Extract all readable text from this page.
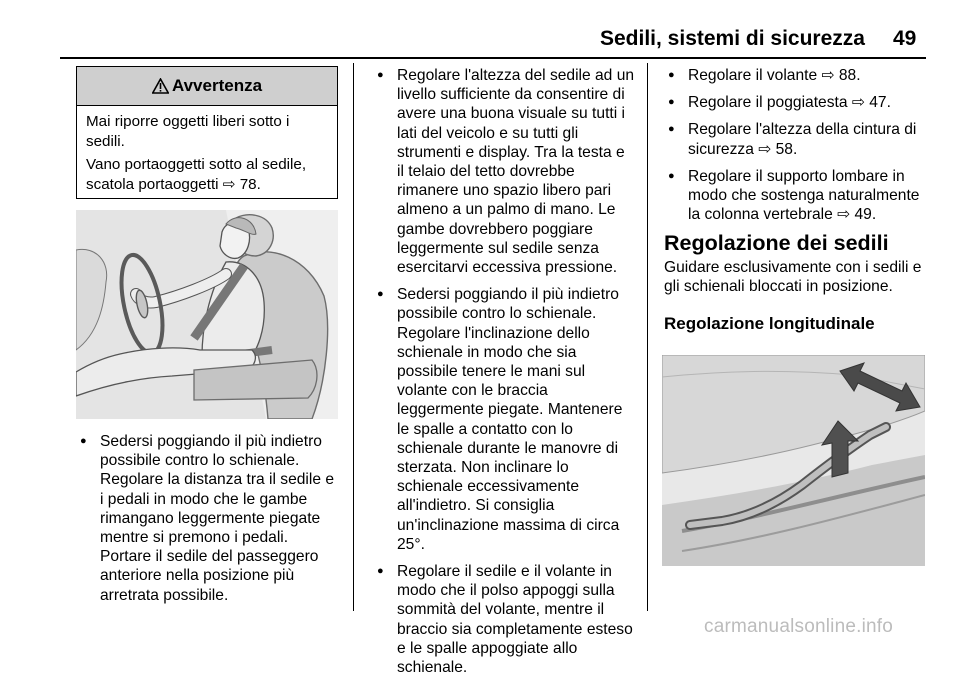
Sedili, sistemi di sicurezza 49
Avvertenza

Mai riporre oggetti liberi sotto i sedili.

Vano portaoggetti sotto al sedile, scatola portaoggetti ⇨ 78.

● Sedersi poggiando il più indietro possibile contro lo schienale. Regolare la distanza tra il sedile e i pedali in modo che le gambe rimangano leggermente piegate mentre si premono i pedali. Portare il sedile del passeggero anteriore nella posizione più arretrata possibile.
● Regolare l'altezza del sedile ad un livello sufficiente da consentire di avere una buona visuale su tutti i lati del veicolo e su tutti gli strumenti e display. Tra la testa e il telaio del tetto dovrebbe rimanere uno spazio libero pari almeno a un palmo di mano. Le gambe dovrebbero poggiare leggermente sul sedile senza esercitarvi eccessiva pressione.
● Sedersi poggiando il più indietro possibile contro lo schienale. Regolare l'inclinazione dello schienale in modo che sia possibile tenere le mani sul volante con le braccia leggermente piegate. Mantenere le spalle a contatto con lo schienale durante le manovre di sterzata. Non inclinare lo schienale eccessivamente all'indietro. Si consiglia un'inclinazione massima di circa 25°.
● Regolare il sedile e il volante in modo che il polso appoggi sulla sommità del volante, mentre il braccio sia completamente esteso e le spalle appoggiate allo schienale.
● Regolare il volante ⇨ 88.
● Regolare il poggiatesta ⇨ 47.
● Regolare l'altezza della cintura di sicurezza ⇨ 58.
● Regolare il supporto lombare in modo che sostenga naturalmente la colonna vertebrale ⇨ 49.
Regolazione dei sedili

Guidare esclusivamente con i sedili e gli schienali bloccati in posizione.

Regolazione longitudinale
carmanualsonline.info
